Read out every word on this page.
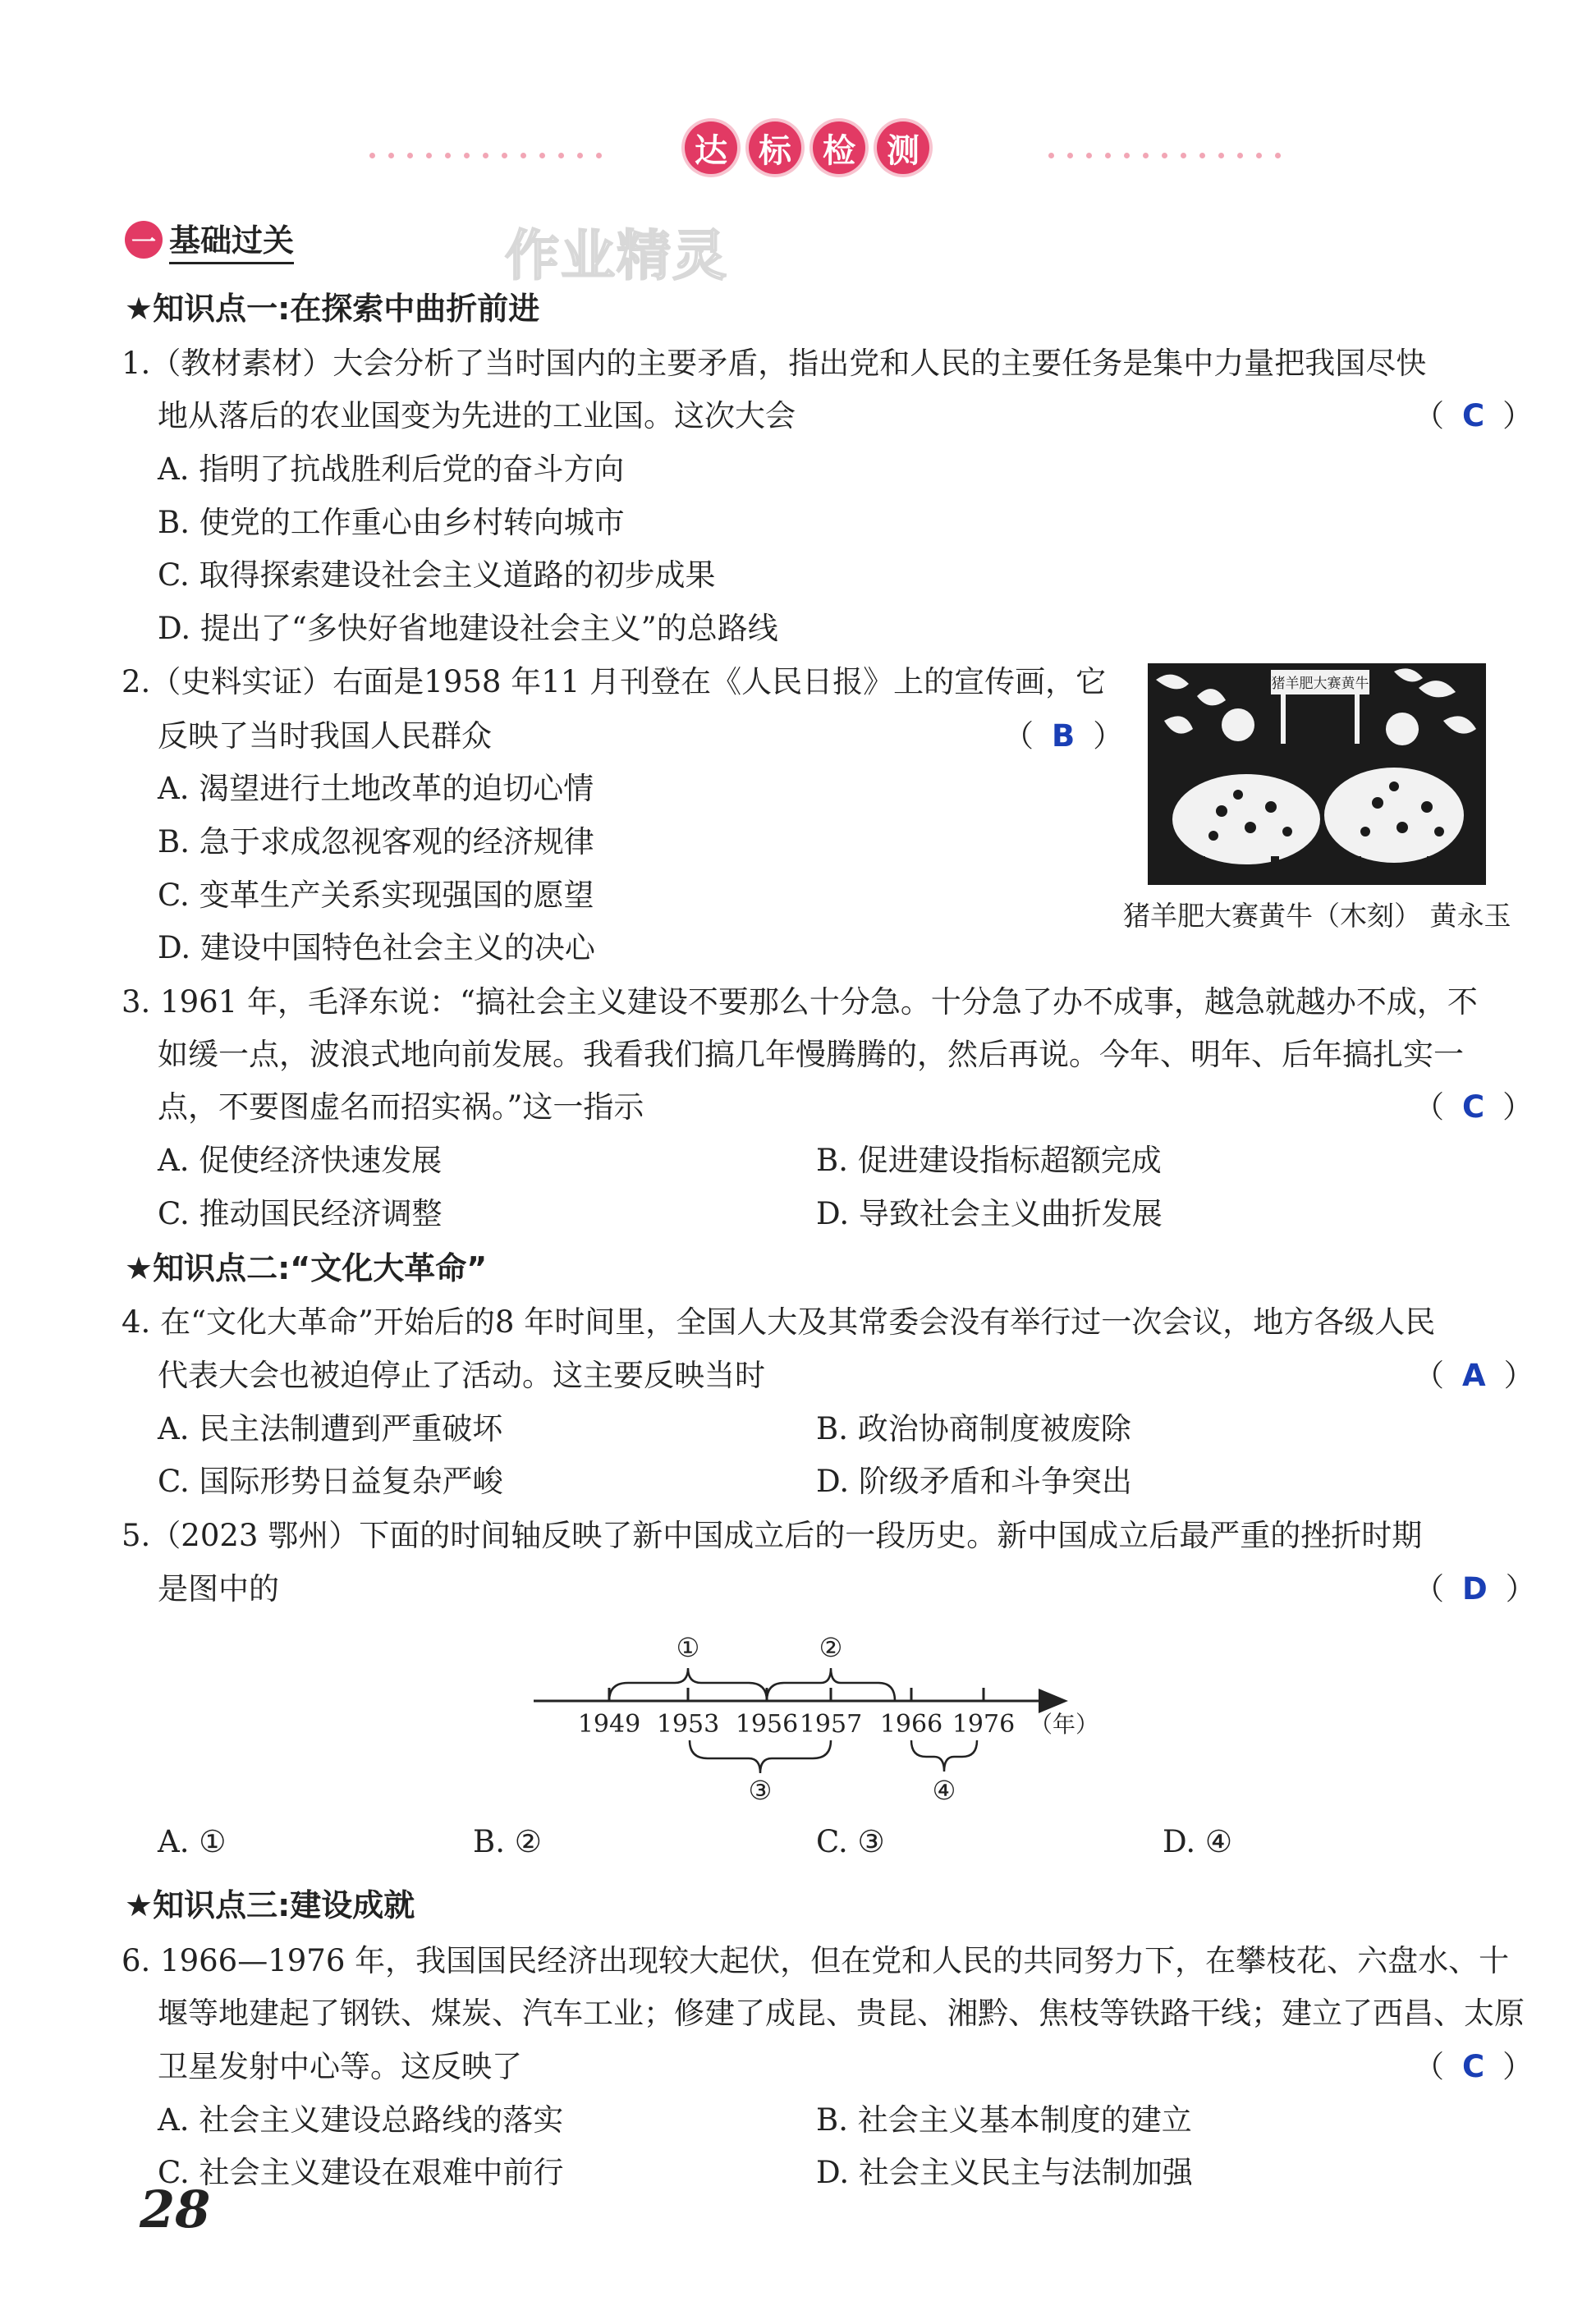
达 标 检 测
一 基础过关	作业精灵
★知识点一:在探索中曲折前进
1.（教材素材）大会分析了当时国内的主要矛盾，指出党和人民的主要任务是集中力量把我国尽快
地从落后的农业国变为先进的工业国。这次大会	（ C ）
A. 指明了抗战胜利后党的奋斗方向
B. 使党的工作重心由乡村转向城市
C. 取得探索建设社会主义道路的初步成果
D. 提出了“多快好省地建设社会主义”的总路线
2.（史料实证）右面是1958 年11 月刊登在《人民日报》上的宣传画，它
反映了当时我国人民群众	（ B ）
A. 渴望进行土地改革的迫切心情
B. 急于求成忽视客观的经济规律
C. 变革生产关系实现强国的愿望
D. 建设中国特色社会主义的决心
猪羊肥大赛黄牛
猪羊肥大赛黄牛（木刻） 黄永玉
3. 1961 年，毛泽东说：“搞社会主义建设不要那么十分急。十分急了办不成事，越急就越办不成，不
如缓一点，波浪式地向前发展。我看我们搞几年慢腾腾的，然后再说。今年、明年、后年搞扎实一
点，不要图虚名而招实祸。”这一指示	（ C ）
A. 促使经济快速发展	B. 促进建设指标超额完成
C. 推动国民经济调整	D. 导致社会主义曲折发展
★知识点二:“文化大革命”
4. 在“文化大革命”开始后的8 年时间里，全国人大及其常委会没有举行过一次会议，地方各级人民
代表大会也被迫停止了活动。这主要反映当时	（ A ）
A. 民主法制遭到严重破坏	B. 政治协商制度被废除
C. 国际形势日益复杂严峻	D. 阶级矛盾和斗争突出
5.（2023 鄂州）下面的时间轴反映了新中国成立后的一段历史。新中国成立后最严重的挫折时期
是图中的	（ D ）
1949 1953 1956 1957 1966 1976 （年）
①	②
③	④
A. ①	B. ②	C. ③	D. ④
★知识点三:建设成就
6. 1966—1976 年，我国国民经济出现较大起伏，但在党和人民的共同努力下，在攀枝花、六盘水、十
堰等地建起了钢铁、煤炭、汽车工业；修建了成昆、贵昆、湘黔、焦枝等铁路干线；建立了西昌、太原
卫星发射中心等。这反映了	（ C ）
A. 社会主义建设总路线的落实	B. 社会主义基本制度的建立
C. 社会主义建设在艰难中前行	D. 社会主义民主与法制加强
28
